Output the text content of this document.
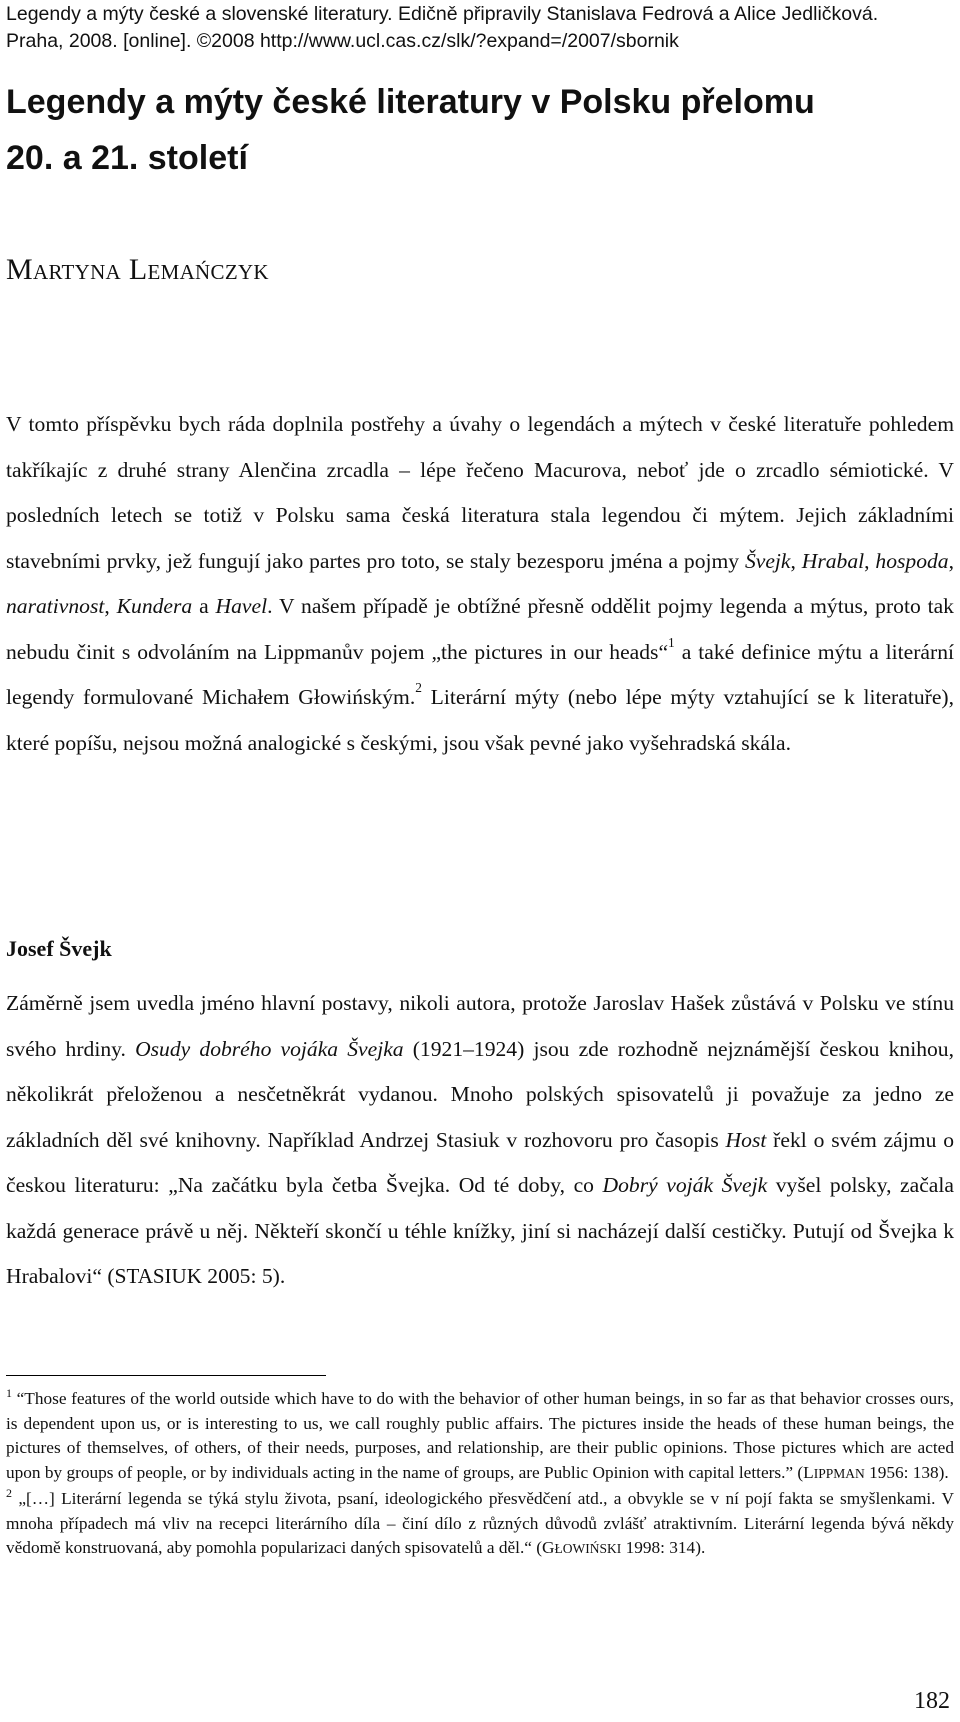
Legendy a mýty české a slovenské literatury. Edičně připravily Stanislava Fedrová a Alice Jedličková.
Praha, 2008. [online]. ©2008 http://www.ucl.cas.cz/slk/?expand=/2007/sbornik
Legendy a mýty české literatury v Polsku přelomu
20. a 21. století
MARTYNA LEMAŃCZYK
V tomto příspěvku bych ráda doplnila postřehy a úvahy o legendách a mýtech v české literatuře pohledem takříkajíc z druhé strany Alenčina zrcadla – lépe řečeno Macurova, neboť jde o zrcadlo sémiotické. V posledních letech se totiž v Polsku sama česká literatura stala legendou či mýtem. Jejich základními stavebními prvky, jež fungují jako partes pro toto, se staly bezesporu jména a pojmy Švejk, Hrabal, hospoda, narativnost, Kundera a Havel. V našem případě je obtížné přesně oddělit pojmy legenda a mýtus, proto tak nebudu činit s odvoláním na Lippmanův pojem „the pictures in our heads“$^1$ a také definice mýtu a literární legendy formulované Michałem Głowińským.$^2$ Literární mýty (nebo lépe mýty vztahující se k literatuře), které popíšu, nejsou možná analogické s českými, jsou však pevné jako vyšehradská skála.
Josef Švejk
Záměrně jsem uvedla jméno hlavní postavy, nikoli autora, protože Jaroslav Hašek zůstává v Polsku ve stínu svého hrdiny. Osudy dobrého vojáka Švejka (1921–1924) jsou zde rozhodně nejznámější českou knihou, několikrát přeloženou a nesčetněkrát vydanou. Mnoho polských spisovatelů ji považuje za jedno ze základních děl své knihovny. Například Andrzej Stasiuk v rozhovoru pro časopis Host řekl o svém zájmu o českou literaturu: „Na začátku byla četba Švejka. Od té doby, co Dobrý voják Švejk vyšel polsky, začala každá generace právě u něj. Někteří skončí u téhle knížky, jiní si nacházejí další cestičky. Putují od Švejka k Hrabalovi“ (STASIUK 2005: 5).

$^1$ “Those features of the world outside which have to do with the behavior of other human beings, in so far as that behavior crosses ours, is dependent upon us, or is interesting to us, we call roughly public affairs. The pictures inside the heads of these human beings, the pictures of themselves, of others, of their needs, purposes, and relationship, are their public opinions. Those pictures which are acted upon by groups of people, or by individuals acting in the name of groups, are Public Opinion with capital letters.” (LIPPMAN 1956: 138).

$^2$ „[…] Literární legenda se týká stylu života, psaní, ideologického přesvědčení atd., a obvykle se v ní pojí fakta se smyšlenkami. V mnoha případech má vliv na recepci literárního díla – činí dílo z různých důvodů zvlášť atraktivním. Literární legenda bývá někdy vědomě konstruovaná, aby pomohla popularizaci daných spisovatelů a děl.“ (GŁOWIŃSKI 1998: 314).

182
